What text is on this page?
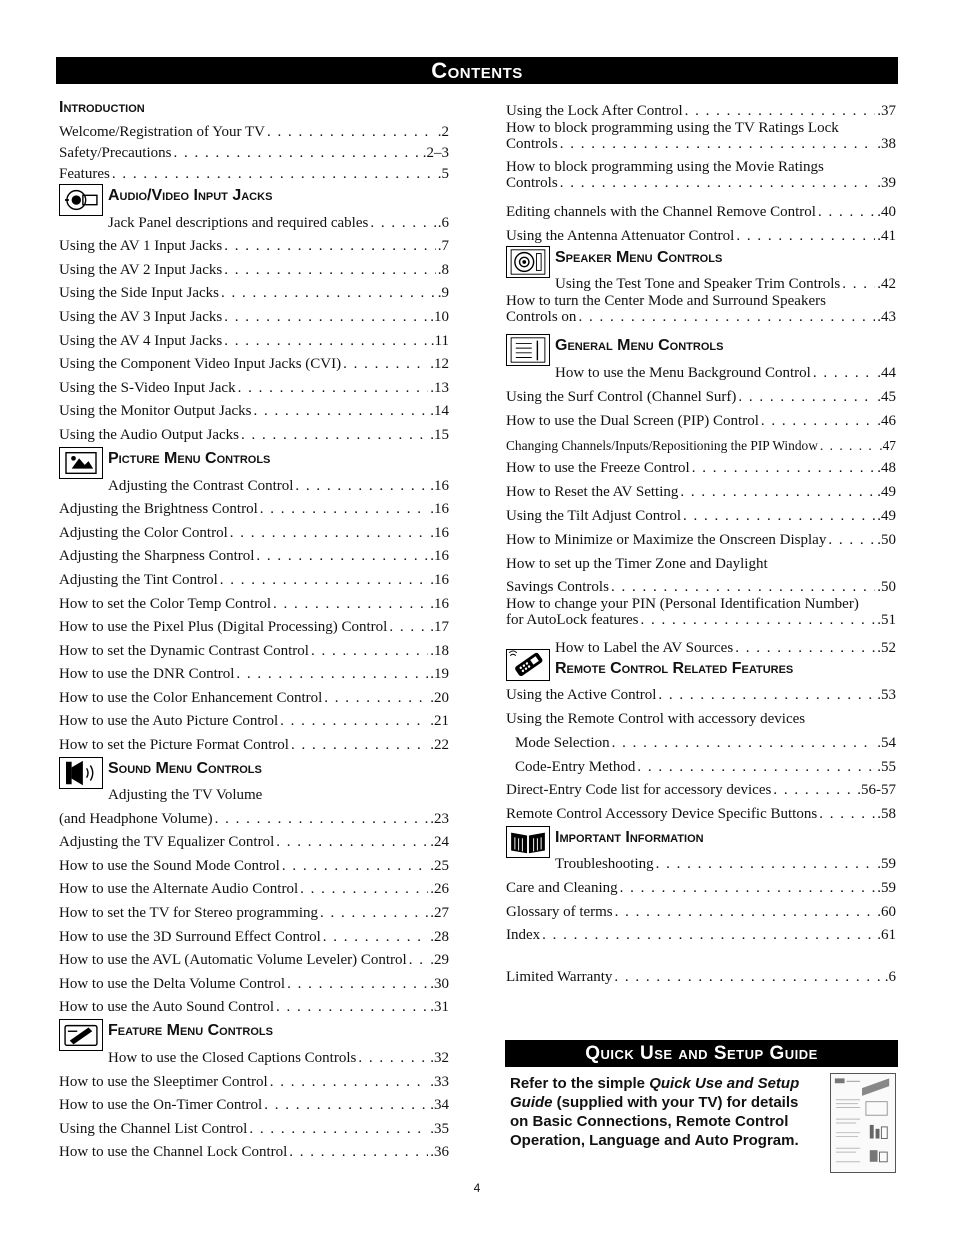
Contents
Introduction
Welcome/Registration of Your TV . . .	.2
Safety/Precautions . . .	.2–3
Features . . .	.5
Audio/Video Input Jacks
Jack Panel descriptions and required cables . . .	.6
Using the AV 1 Input Jacks . . .	.7
Using the AV 2 Input Jacks . . .	.8
Using the Side Input Jacks . . .	.9
Using the AV 3 Input Jacks . . .	.10
Using the AV 4 Input Jacks . . .	.11
Using the Component Video Input Jacks (CVI) . . .	.12
Using the S-Video Input Jack . . .	.13
Using the Monitor Output Jacks . . .	.14
Using the Audio Output Jacks . . .	.15
Picture Menu Controls
Adjusting the Contrast Control . . .	.16
Adjusting the Brightness Control . . .	.16
Adjusting the Color Control . . .	.16
Adjusting the Sharpness Control . . .	.16
Adjusting the Tint Control . . .	.16
How to set the Color Temp Control . . .	.16
How to use the Pixel Plus (Digital Processing) Control . . .	.17
How to set the Dynamic Contrast Control . . .	.18
How to use the DNR Control . . .	.19
How to use the Color Enhancement Control . . .	.20
How to use the Auto Picture Control . . .	.21
How to set the Picture Format Control . . .	.22
Sound Menu Controls
Adjusting the TV Volume
(and Headphone Volume) . . .	.23
Adjusting the TV Equalizer Control . . .	.24
How to use the Sound Mode Control . . .	.25
How to use the Alternate Audio Control . . .	.26
How to set the TV for Stereo programming . . .	.27
How to use the 3D Surround Effect Control . . .	.28
How to use the AVL (Automatic Volume Leveler) Control . . . .29
How to use the Delta Volume Control . . .	.30
How to use the Auto Sound Control . . .	.31
Feature Menu Controls
How to use the Closed Captions Controls . . .	.32
How to use the Sleeptimer Control . . .	.33
How to use the On-Timer Control . . .	.34
Using the Channel List Control . . .	.35
How to use the Channel Lock Control . . .	.36
Using the Lock After Control . . .	.37
How to block programming using the TV Ratings Lock
Controls . . .	.38
How to block programming using the Movie Ratings
Controls . . .	.39
Editing channels with the Channel Remove Control . . .	.40
Using the Antenna Attenuator Control . . .	.41
Speaker Menu Controls
Using the Test Tone and Speaker Trim Controls . . . .42
How to turn the Center Mode and Surround Speakers
Controls on . . .	.43
General Menu Controls
How to use the Menu Background Control . . .	.44
Using the Surf Control (Channel Surf) . . .	.45
How to use the Dual Screen (PIP) Control . . .	.46
Changing Channels/Inputs/Repositioning the PIP Window . . .	.47
How to use the Freeze Control . . .	.48
How to Reset the AV Setting . . .	.49
Using the Tilt Adjust Control . . .	.49
How to Minimize or Maximize the Onscreen Display . . .	.50
How to set up the Timer Zone and Daylight
Savings Controls . . .	.50
How to change your PIN (Personal Identification Number)
for AutoLock features . . .	.51
How to Label the AV Sources . . .	.52
Remote Control Related Features
Using the Active Control . . .	.53
Using the Remote Control with accessory devices
Mode Selection . . .	.54
Code-Entry Method . . .	.55
Direct-Entry Code list for accessory devices . . .	.56-57
Remote Control Accessory Device Specific Buttons . . .	.58
Important Information
Troubleshooting . . .	.59
Care and Cleaning . . .	.59
Glossary of terms . . .	.60
Index . . .	.61
Limited Warranty . . .	.6
Quick Use and Setup Guide
Refer to the simple Quick Use and Setup Guide (supplied with your TV) for details on Basic Connections, Remote Control Operation, Language and Auto Program.
4
